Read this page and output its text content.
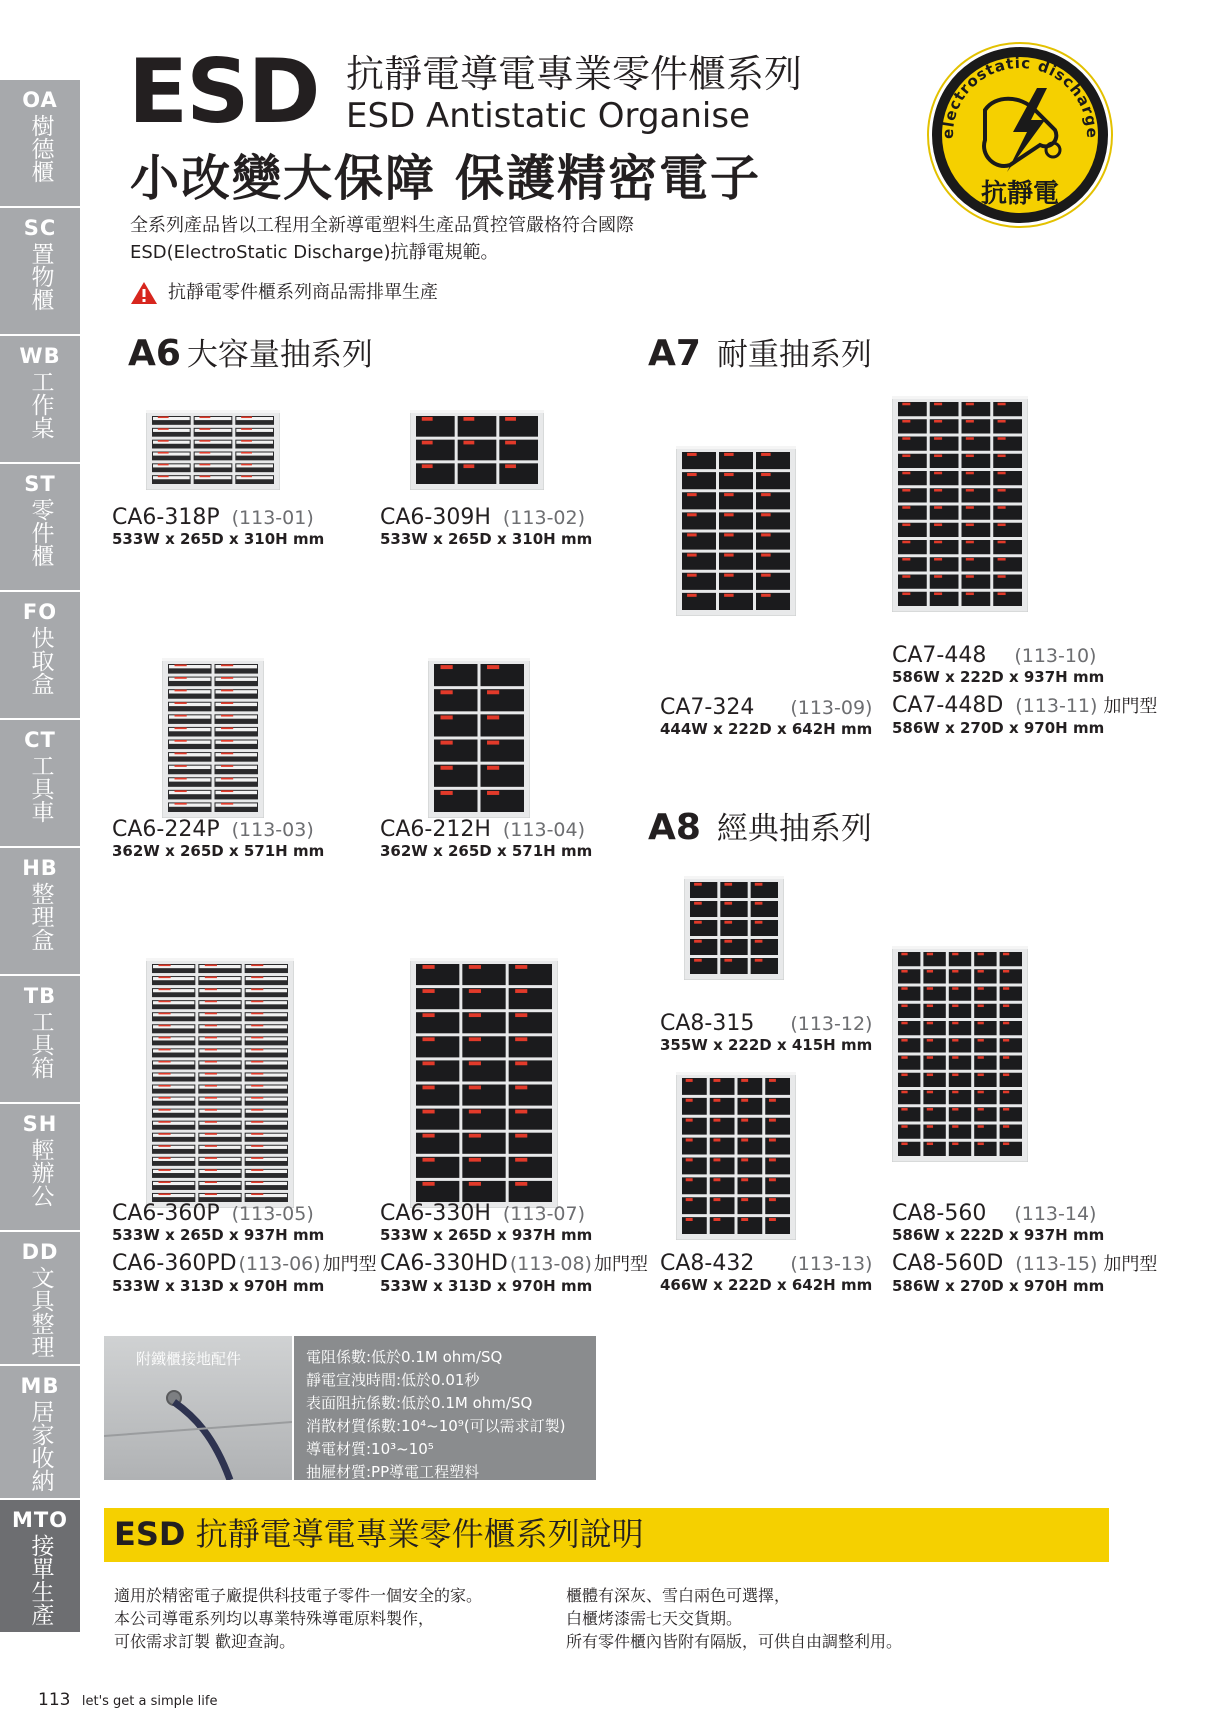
OA
樹德櫃
SC
置物櫃
WB
工作桌
ST
零件櫃
FO
快取盒
CT
工具車
HB
整理盒
TB
工具箱
SH
輕辦公
DD
文具整理
MB
居家收納
MTO
接單生產
ESD 抗靜電導電專業零件櫃系列
ESD Antistatic Organise
小改變大保障 保護精密電子
全系列產品皆以工程用全新導電塑料生產品質控管嚴格符合國際
ESD(ElectroStatic Discharge)抗靜電規範。
抗靜電零件櫃系列商品需排單生產
electrostatic discharge
抗靜電
A6 大容量抽系列	A7 耐重抽系列
A8 經典抽系列
CA6-318P (113-01)
533W x 265D x 310H mm
CA6-309H (113-02)
533W x 265D x 310H mm
CA6-224P (113-03)
362W x 265D x 571H mm
CA6-212H (113-04)
362W x 265D x 571H mm
CA6-360P (113-05)
533W x 265D x 937H mm
CA6-360PD (113-06) 加門型
533W x 313D x 970H mm
CA6-330H (113-07)
533W x 265D x 937H mm
CA6-330HD (113-08) 加門型
533W x 313D x 970H mm
CA7-324 (113-09)
444W x 222D x 642H mm
CA7-448 (113-10)
586W x 222D x 937H mm
CA7-448D (113-11) 加門型
586W x 270D x 970H mm
CA8-315 (113-12)
355W x 222D x 415H mm
CA8-432 (113-13)
466W x 222D x 642H mm
CA8-560 (113-14)
586W x 222D x 937H mm
CA8-560D (113-15) 加門型
586W x 270D x 970H mm
附鐵櫃接地配件	電阻係數:低於0.1M ohm/SQ
靜電宣洩時間:低於0.01秒
表面阻抗係數:低於0.1M ohm/SQ
消散材質係數:10⁴~10⁹(可以需求訂製)
導電材質:10³~10⁵
抽屜材質:PP導電工程塑料
ESD 抗靜電導電專業零件櫃系列說明
適用於精密電子廠提供科技電子零件一個安全的家。
本公司導電系列均以專業特殊導電原料製作，
可依需求訂製 歡迎查詢。
櫃體有深灰、雪白兩色可選擇，
白櫃烤漆需七天交貨期。
所有零件櫃內皆附有隔版，可供自由調整利用。
113 let's get a simple life
